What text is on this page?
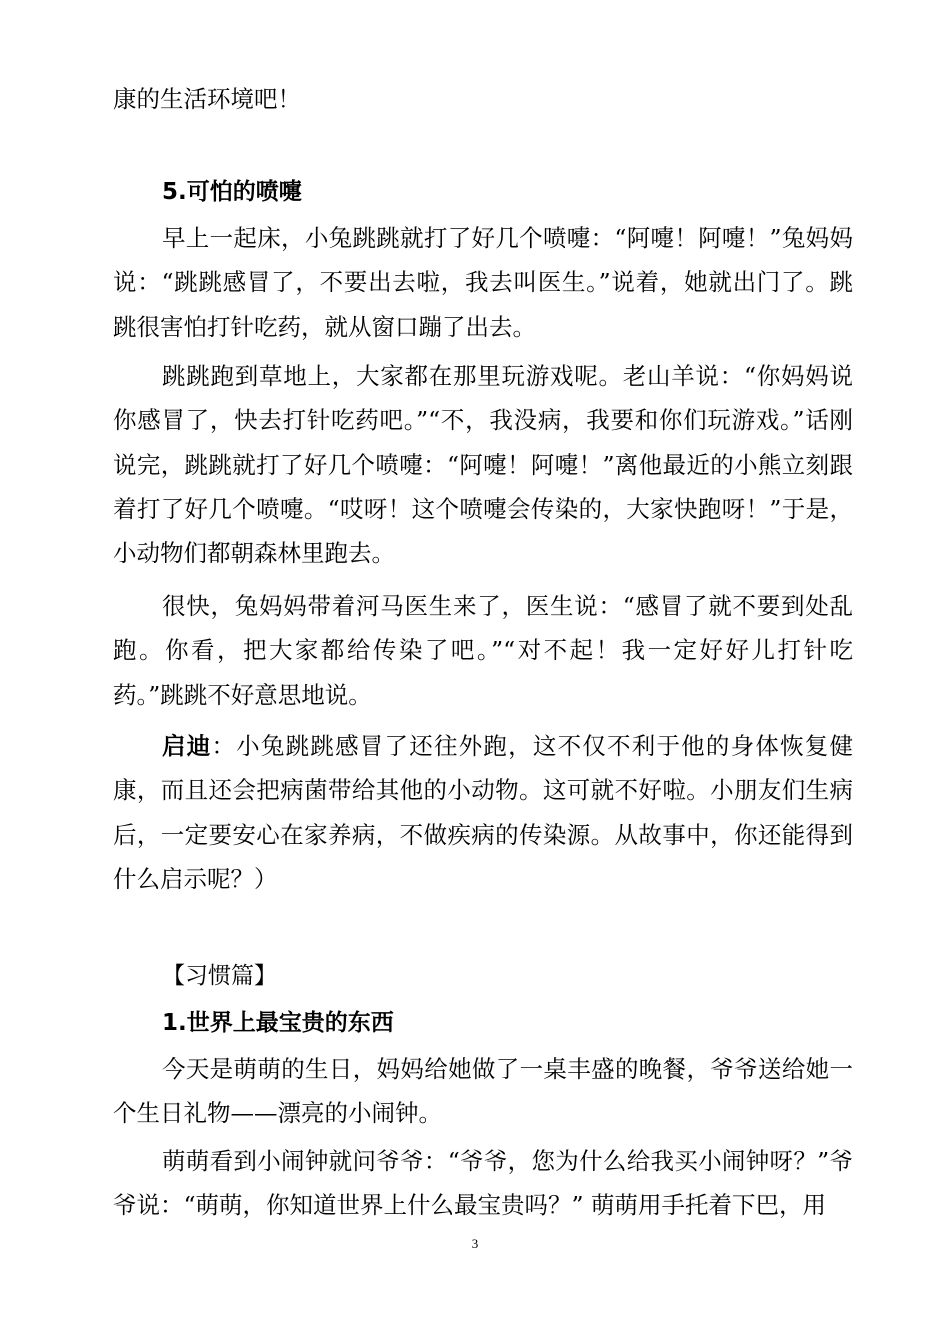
康的生活环境吧！

5.可怕的喷嚏

早上一起床，小兔跳跳就打了好几个喷嚏：“阿嚏！阿嚏！”兔妈妈说：“跳跳感冒了，不要出去啦，我去叫医生。”说着，她就出门了。跳跳很害怕打针吃药，就从窗口蹦了出去。

跳跳跑到草地上，大家都在那里玩游戏呢。老山羊说：“你妈妈说你感冒了，快去打针吃药吧。”“不，我没病，我要和你们玩游戏。”话刚说完，跳跳就打了好几个喷嚏：“阿嚏！阿嚏！”离他最近的小熊立刻跟着打了好几个喷嚏。“哎呀！这个喷嚏会传染的，大家快跑呀！”于是，小动物们都朝森林里跑去。

很快，兔妈妈带着河马医生来了，医生说：“感冒了就不要到处乱跑。你看，把大家都给传染了吧。”“对不起！我一定好好儿打针吃药。”跳跳不好意思地说。

启迪：小兔跳跳感冒了还往外跑，这不仅不利于他的身体恢复健康，而且还会把病菌带给其他的小动物。这可就不好啦。小朋友们生病后，一定要安心在家养病，不做疾病的传染源。从故事中，你还能得到什么启示呢？）

【习惯篇】

1.世界上最宝贵的东西

今天是萌萌的生日，妈妈给她做了一桌丰盛的晚餐，爷爷送给她一个生日礼物——漂亮的小闹钟。

萌萌看到小闹钟就问爷爷：“爷爷，您为什么给我买小闹钟呀？”爷爷说：“萌萌，你知道世界上什么最宝贵吗？” 萌萌用手托着下巴，用

3
